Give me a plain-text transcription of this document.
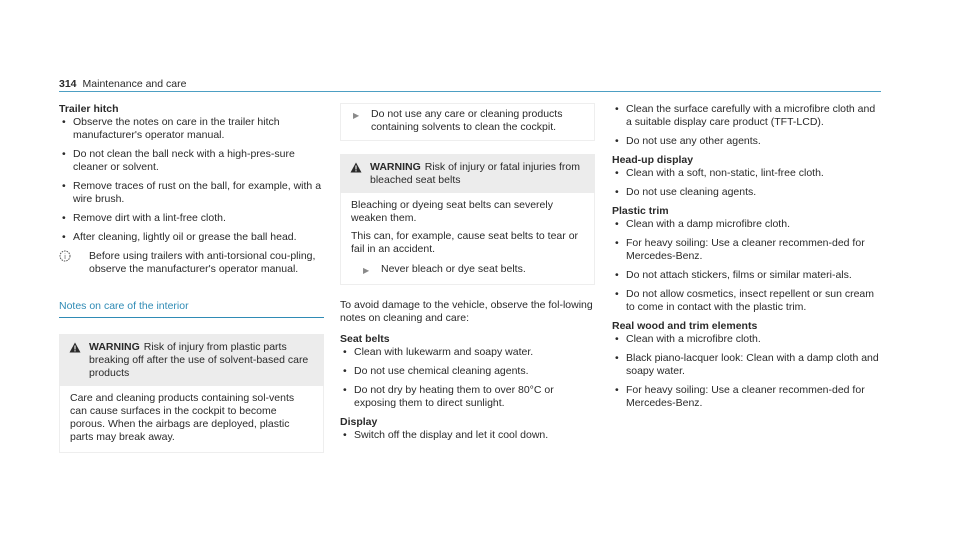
314 Maintenance and care

Trailer hitch

• Observe the notes on care in the trailer hitch manufacturer's operator manual.
• Do not clean the ball neck with a high-pres-sure cleaner or solvent.
• Remove traces of rust on the ball, for example, with a wire brush.
• Remove dirt with a lint-free cloth.
• After cleaning, lightly oil or grease the ball head.
i Before using trailers with anti-torsional cou-pling, observe the manufacturer's operator manual.
Notes on care of the interior
WARNING Risk of injury from plastic parts breaking off after the use of solvent-based care products
Care and cleaning products containing sol-vents can cause surfaces in the cockpit to become porous. When the airbags are deployed, plastic parts may break away.
▶ Do not use any care or cleaning products containing solvents to clean the cockpit.
WARNING Risk of injury or fatal injuries from bleached seat belts
Bleaching or dyeing seat belts can severely weaken them.
This can, for example, cause seat belts to tear or fail in an accident.
▶ Never bleach or dye seat belts.
To avoid damage to the vehicle, observe the fol-lowing notes on cleaning and care:

Seat belts

• Clean with lukewarm and soapy water.
• Do not use chemical cleaning agents.
• Do not dry by heating them to over 80°C or exposing them to direct sunlight.

Display

• Switch off the display and let it cool down.
• Clean the surface carefully with a microfibre cloth and a suitable display care product (TFT-LCD).
• Do not use any other agents.

Head-up display

• Clean with a soft, non-static, lint-free cloth.
• Do not use cleaning agents.

Plastic trim

• Clean with a damp microfibre cloth.
• For heavy soiling: Use a cleaner recommen-ded for Mercedes-Benz.
• Do not attach stickers, films or similar materi-als.
• Do not allow cosmetics, insect repellent or sun cream to come in contact with the plastic trim.

Real wood and trim elements

• Clean with a microfibre cloth.
• Black piano-lacquer look: Clean with a damp cloth and soapy water.
• For heavy soiling: Use a cleaner recommen-ded for Mercedes-Benz.
